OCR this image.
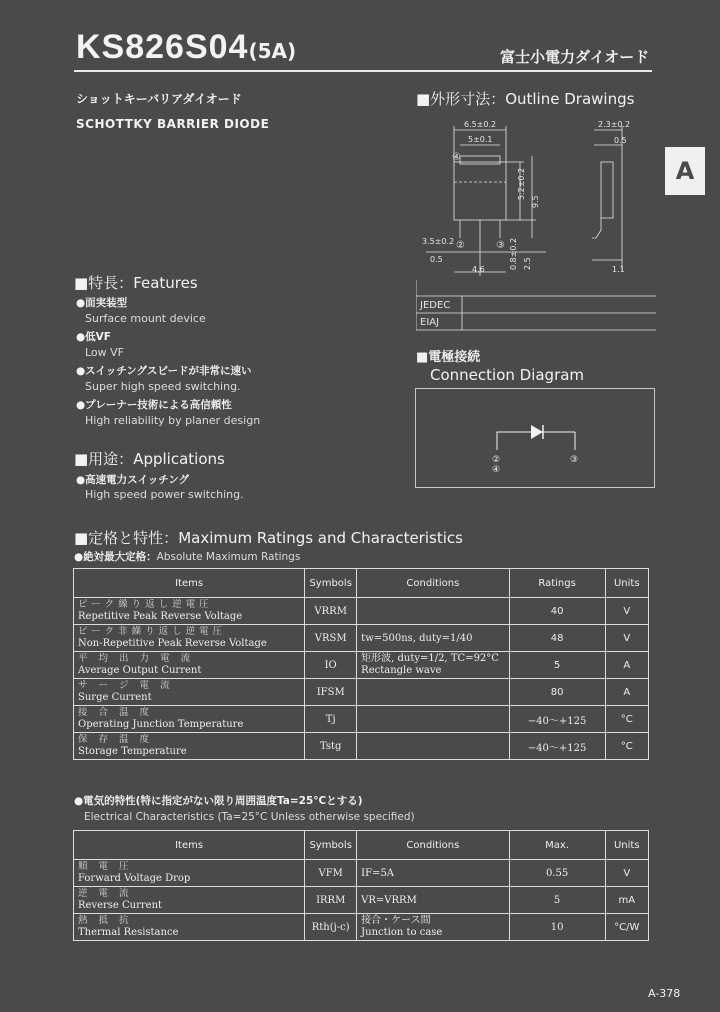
KS826S04(5A)	富士小電力ダイオード
ショットキーバリアダイオード
SCHOTTKY BARRIER DIODE
A
■外形寸法：Outline Drawings
6.5±0.2
5±0.1
2.3±0.2
0.5
5.2±0.2
9.5
3.5±0.2
0.5
4.6	0.8±0.2 2.5	1.1
④
②	③
JEDEC
EIAJ
■特長：Features
●面実装型
Surface mount device
●低VF
Low VF
●スイッチングスピードが非常に速い
Super high speed switching.
●プレーナー技術による高信頼性
High reliability by planer design
■電極接続
Connection Diagram
②
④
③
■用途：Applications
●高速電力スイッチング
High speed power switching.
■定格と特性：Maximum Ratings and Characteristics
●絶対最大定格：Absolute Maximum Ratings
Items	Symbols	Conditions	Ratings	Units

ピーク繰り返し逆電圧
Repetitive Peak Reverse Voltage	VRRM		40	V

ピーク非繰り返し逆電圧
Non-Repetitive Peak Reverse Voltage	VRSM	tw=500ns, duty=1/40	48	V

平 均 出 力 電 流
Average Output Current	IO	矩形波, duty=1/2, TC=92°C
Rectangle wave	5	A

サ ー ジ 電 流
Surge Current	IFSM		80	A

接 合 温 度
Operating Junction Temperature	Tj		−40～+125	°C

保 存 温 度
Storage Temperature	Tstg		−40～+125	°C
●電気的特性(特に指定がない限り周囲温度Ta=25°Cとする)
Electrical Characteristics (Ta=25°C Unless otherwise specified)
Items	Symbols	Conditions	Max.	Units

順 電 圧
Forward Voltage Drop	VFM	IF=5A	0.55	V

逆 電 流
Reverse Current	IRRM	VR=VRRM	5	mA

熱 抵 抗
Thermal Resistance	Rth(j-c)	接合・ケース間
Junction to case	10	°C/W
A-378
